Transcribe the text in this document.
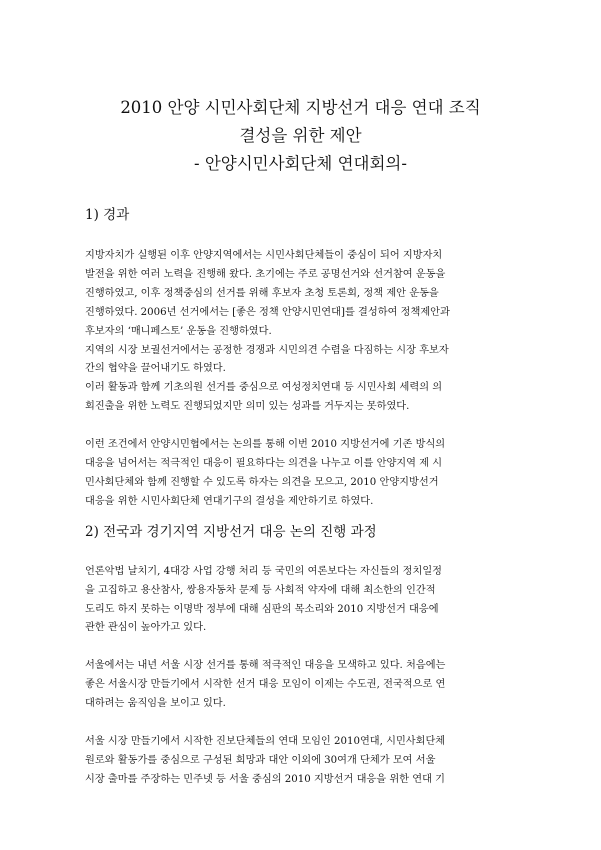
2010 안양 시민사회단체 지방선거 대응 연대 조직
결성을 위한 제안
- 안양시민사회단체 연대회의-
1) 경과
지방자치가 실행된 이후 안양지역에서는 시민사회단체들이 중심이 되어 지방자치
발전을 위한 여러 노력을 진행해 왔다. 초기에는 주로 공명선거와 선거참여 운동을
진행하였고, 이후 정책중심의 선거를 위해 후보자 초청 토론회, 정책 제안 운동을
진행하였다. 2006년 선거에서는 [좋은 정책 안양시민연대]를 결성하여 정책제안과
후보자의 ‘매니페스토’ 운동을 진행하였다.
지역의 시장 보궐선거에서는 공정한 경쟁과 시민의견 수렴을 다짐하는 시장 후보자
간의 협약을 끌어내기도 하였다.
이러 활동과 함께 기초의원 선거를 중심으로 여성정치연대 등 시민사회 세력의 의
회진출을 위한 노력도 진행되었지만 의미 있는 성과를 거두지는 못하였다.
이런 조건에서 안양시민협에서는 논의를 통해 이번 2010 지방선거에 기존 방식의
대응을 넘어서는 적극적인 대응이 필요하다는 의견을 나누고 이를 안양지역 제 시
민사회단체와 함께 진행할 수 있도록 하자는 의견을 모으고, 2010 안양지방선거
대응을 위한 시민사회단체 연대기구의 결성을 제안하기로 하였다.
2) 전국과 경기지역 지방선거 대응 논의 진행 과정
언론악법 날치기, 4대강 사업 강행 처리 등 국민의 여론보다는 자신들의 정치일정
을 고집하고 용산참사, 쌍용자동차 문제 등 사회적 약자에 대해 최소한의 인간적
도리도 하지 못하는 이명박 정부에 대해 심판의 목소리와 2010 지방선거 대응에
관한 관심이 높아가고 있다.
서울에서는 내년 서울 시장 선거를 통해 적극적인 대응을 모색하고 있다. 처음에는
좋은 서울시장 만들기에서 시작한 선거 대응 모임이 이제는 수도권, 전국적으로 연
대하려는 움직임을 보이고 있다.
서울 시장 만들기에서 시작한 진보단체들의 연대 모임인 2010연대, 시민사회단체
원로와 활동가를 중심으로 구성된 희망과 대안 이외에 30여개 단체가 모여 서울
시장 출마를 주장하는 민주넷 등 서울 중심의 2010 지방선거 대응을 위한 연대 기
